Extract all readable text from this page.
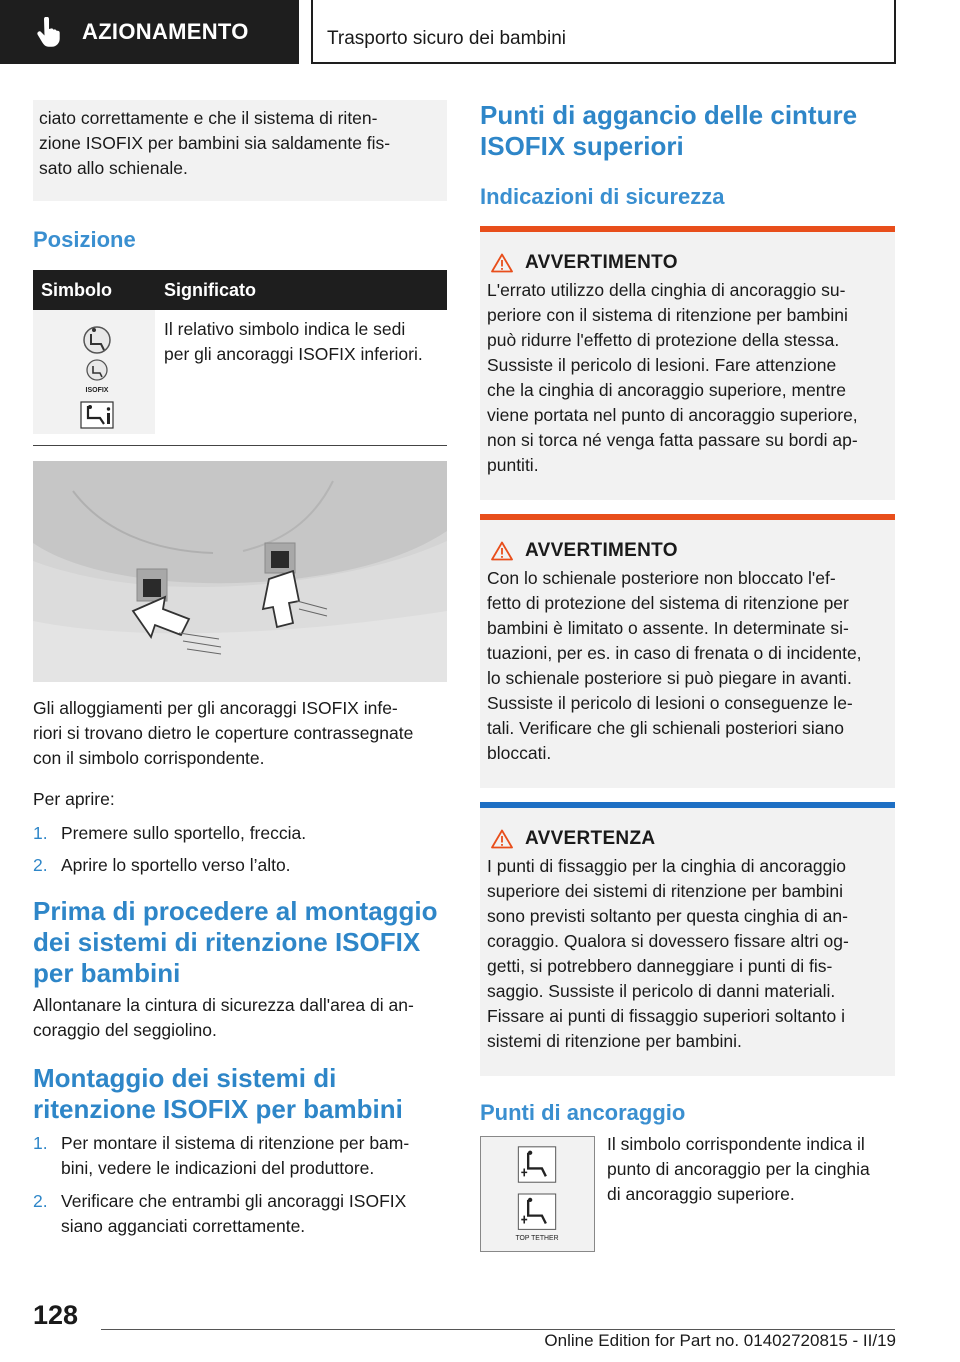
AZIONAMENTO	Trasporto sicuro dei bambini
ciato correttamente e che il sistema di riten-
zione ISOFIX per bambini sia saldamente fis-
sato allo schienale.
Posizione
Simbolo	Significato

ISOFIX	Il relativo simbolo indica le sedi
per gli ancoraggi ISOFIX inferiori.
Gli alloggiamenti per gli ancoraggi ISOFIX infe-
riori si trovano dietro le coperture contrassegnate
con il simbolo corrispondente.
Per aprire:
1. Premere sullo sportello, freccia.
2. Aprire lo sportello verso l’alto.
Prima di procedere al montaggio
dei sistemi di ritenzione ISOFIX
per bambini
Allontanare la cintura di sicurezza dall'area di an-
coraggio del seggiolino.
Montaggio dei sistemi di
ritenzione ISOFIX per bambini
1. Per montare il sistema di ritenzione per bam-
bini, vedere le indicazioni del produttore.
2. Verificare che entrambi gli ancoraggi ISOFIX
siano agganciati correttamente.
Punti di aggancio delle cinture
ISOFIX superiori
Indicazioni di sicurezza
AVVERTIMENTO
L'errato utilizzo della cinghia di ancoraggio su-
periore con il sistema di ritenzione per bambini
può ridurre l'effetto di protezione della stessa.
Sussiste il pericolo di lesioni. Fare attenzione
che la cinghia di ancoraggio superiore, mentre
viene portata nel punto di ancoraggio superiore,
non si torca né venga fatta passare su bordi ap-
puntiti.
AVVERTIMENTO
Con lo schienale posteriore non bloccato l'ef-
fetto di protezione del sistema di ritenzione per
bambini è limitato o assente. In determinate si-
tuazioni, per es. in caso di frenata o di incidente,
lo schienale posteriore si può piegare in avanti.
Sussiste il pericolo di lesioni o conseguenze le-
tali. Verificare che gli schienali posteriori siano
bloccati.
AVVERTENZA
I punti di fissaggio per la cinghia di ancoraggio
superiore dei sistemi di ritenzione per bambini
sono previsti soltanto per questa cinghia di an-
coraggio. Qualora si dovessero fissare altri og-
getti, si potrebbero danneggiare i punti di fis-
saggio. Sussiste il pericolo di danni materiali.
Fissare ai punti di fissaggio superiori soltanto i
sistemi di ritenzione per bambini.
Punti di ancoraggio
TOP TETHER
Il simbolo corrispondente indica il
punto di ancoraggio per la cinghia
di ancoraggio superiore.
128
Online Edition for Part no. 01402720815 - II/19
